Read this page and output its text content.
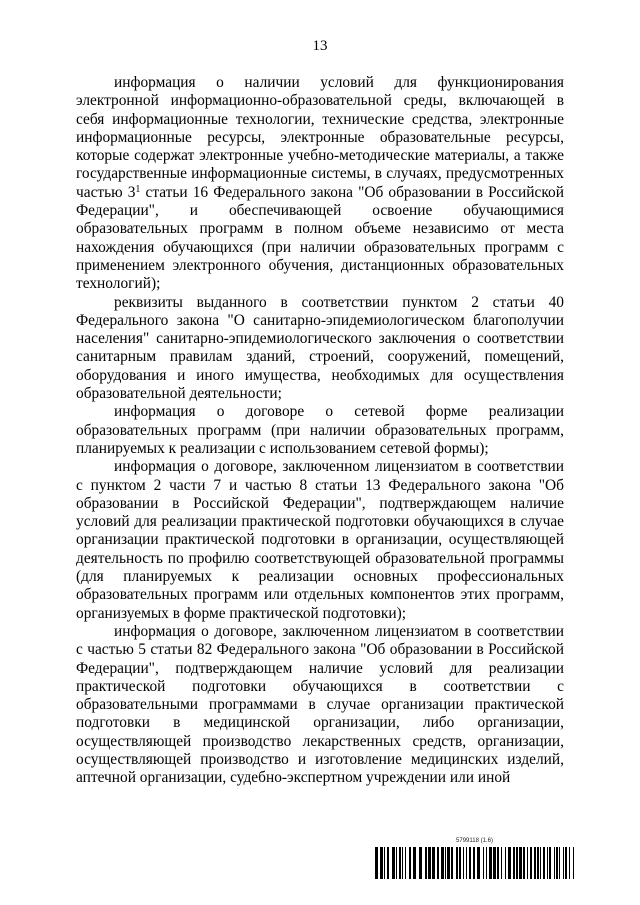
13

информация о наличии условий для функционирования электронной информационно-образовательной среды, включающей в себя информационные технологии, технические средства, электронные информационные ресурсы, электронные образовательные ресурсы, которые содержат электронные учебно-методические материалы, а также государственные информационные системы, в случаях, предусмотренных частью $3^1$ статьи 16 Федерального закона "Об образовании в Российской Федерации", и обеспечивающей освоение обучающимися образовательных программ в полном объеме независимо от места нахождения обучающихся (при наличии образовательных программ с применением электронного обучения, дистанционных образовательных технологий);

реквизиты выданного в соответствии пунктом 2 статьи 40 Федерального закона "О санитарно-эпидемиологическом благополучии населения" санитарно-эпидемиологического заключения о соответствии санитарным правилам зданий, строений, сооружений, помещений, оборудования и иного имущества, необходимых для осуществления образовательной деятельности;

информация о договоре о сетевой форме реализации образовательных программ (при наличии образовательных программ, планируемых к реализации с использованием сетевой формы);

информация о договоре, заключенном лицензиатом в соответствии с пунктом 2 части 7 и частью 8 статьи 13 Федерального закона "Об образовании в Российской Федерации", подтверждающем наличие условий для реализации практической подготовки обучающихся в случае организации практической подготовки в организации, осуществляющей деятельность по профилю соответствующей образовательной программы (для планируемых к реализации основных профессиональных образовательных программ или отдельных компонентов этих программ, организуемых в форме практической подготовки);

информация о договоре, заключенном лицензиатом в соответствии с частью 5 статьи 82 Федерального закона "Об образовании в Российской Федерации", подтверждающем наличие условий для реализации практической подготовки обучающихся в соответствии с образовательными программами в случае организации практической подготовки в медицинской организации, либо организации, осуществляющей производство лекарственных средств, организации, осуществляющей производство и изготовление медицинских изделий, аптечной организации, судебно-экспертном учреждении или иной

5799118 (1.6)
